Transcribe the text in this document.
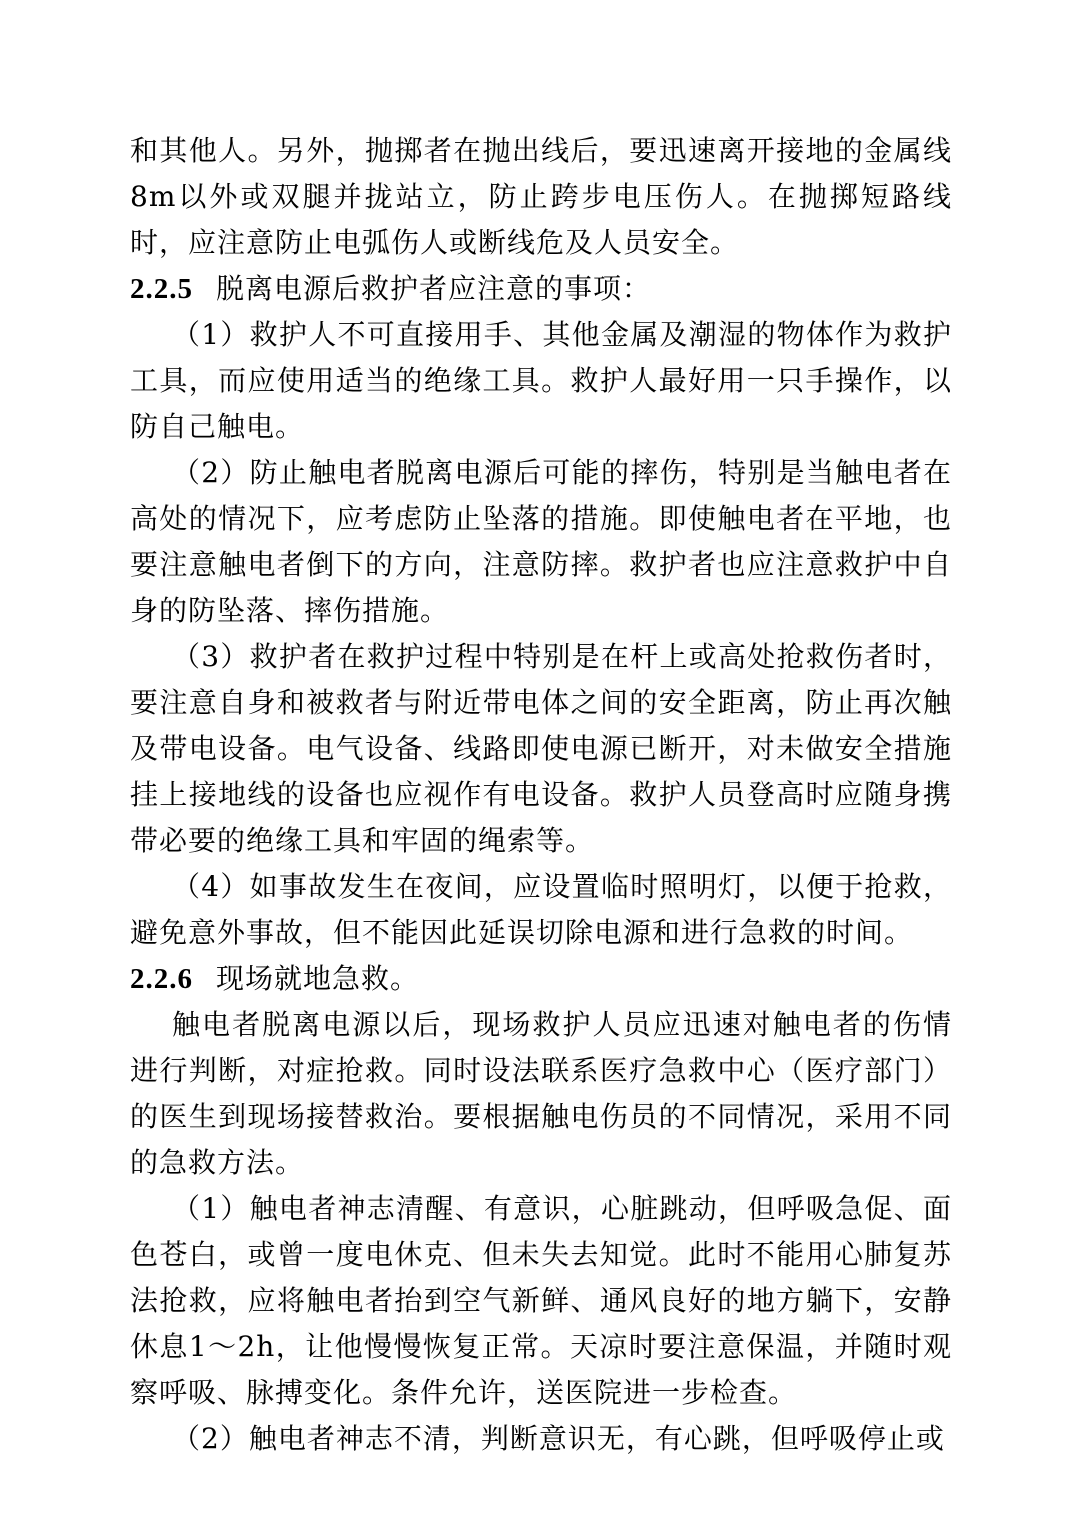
和其他人。另外，抛掷者在抛出线后，要迅速离开接地的金属线8m以外或双腿并拢站立，防止跨步电压伤人。在抛掷短路线时，应注意防止电弧伤人或断线危及人员安全。

2.2.5 脱离电源后救护者应注意的事项：

（1）救护人不可直接用手、其他金属及潮湿的物体作为救护工具，而应使用适当的绝缘工具。救护人最好用一只手操作，以防自己触电。

（2）防止触电者脱离电源后可能的摔伤，特别是当触电者在高处的情况下，应考虑防止坠落的措施。即使触电者在平地，也要注意触电者倒下的方向，注意防摔。救护者也应注意救护中自身的防坠落、摔伤措施。

（3）救护者在救护过程中特别是在杆上或高处抢救伤者时，要注意自身和被救者与附近带电体之间的安全距离，防止再次触及带电设备。电气设备、线路即使电源已断开，对未做安全措施挂上接地线的设备也应视作有电设备。救护人员登高时应随身携带必要的绝缘工具和牢固的绳索等。

（4）如事故发生在夜间，应设置临时照明灯，以便于抢救，避免意外事故，但不能因此延误切除电源和进行急救的时间。

2.2.6 现场就地急救。

触电者脱离电源以后，现场救护人员应迅速对触电者的伤情进行判断，对症抢救。同时设法联系医疗急救中心（医疗部门）的医生到现场接替救治。要根据触电伤员的不同情况，采用不同的急救方法。

（1）触电者神志清醒、有意识，心脏跳动，但呼吸急促、面色苍白，或曾一度电休克、但未失去知觉。此时不能用心肺复苏法抢救，应将触电者抬到空气新鲜、通风良好的地方躺下，安静休息1～2h，让他慢慢恢复正常。天凉时要注意保温，并随时观察呼吸、脉搏变化。条件允许，送医院进一步检查。

（2）触电者神志不清，判断意识无，有心跳，但呼吸停止或
